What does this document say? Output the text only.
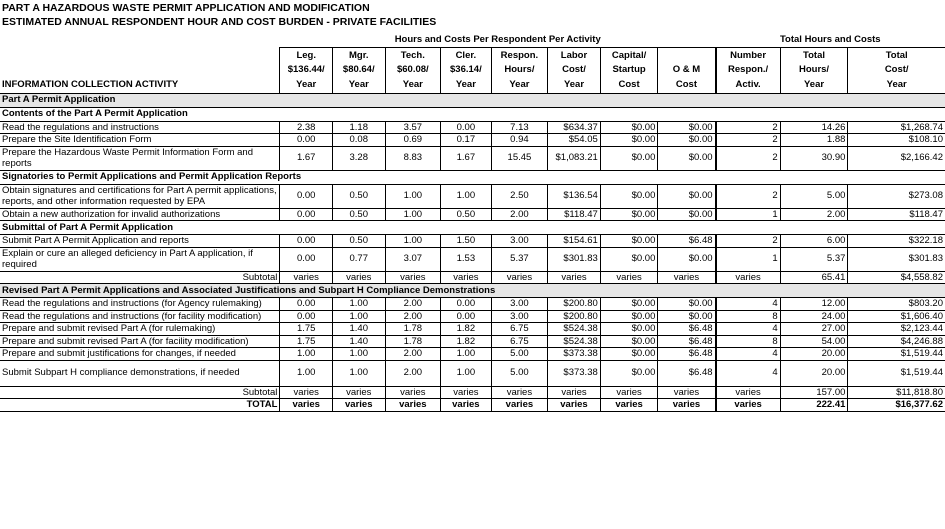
PART A HAZARDOUS WASTE PERMIT APPLICATION AND MODIFICATION
ESTIMATED ANNUAL RESPONDENT HOUR AND COST BURDEN - PRIVATE FACILITIES
	Hours and Costs Per Respondent Per Activity								Total Hours and Costs		
	Leg.	Mgr.	Tech.	Cler.	Respon.	Labor	Capital/		Number	Total	Total
	$136.44/	$80.64/	$60.08/	$36.14/	Hours/	Cost/	Startup	O & M	Respon./	Hours/	Cost/
INFORMATION COLLECTION ACTIVITY	Year	Year	Year	Year	Year	Year	Cost	Cost	Activ.	Year	Year
Part A Permit Application											
Contents of the Part A Permit Application											
Read the regulations and instructions	2.38	1.18	3.57	0.00	7.13	$634.37	$0.00	$0.00	2	14.26	$1,268.74
Prepare the Site Identification Form	0.00	0.08	0.69	0.17	0.94	$54.05	$0.00	$0.00	2	1.88	$108.10
Prepare the Hazardous Waste Permit Information Form and reports	1.67	3.28	8.83	1.67	15.45	$1,083.21	$0.00	$0.00	2	30.90	$2,166.42
Signatories to Permit Applications and Permit Application Reports											
Obtain signatures and certifications for Part A permit applications, reports, and other information requested by EPA	0.00	0.50	1.00	1.00	2.50	$136.54	$0.00	$0.00	2	5.00	$273.08
Obtain a new authorization for invalid authorizations	0.00	0.50	1.00	0.50	2.00	$118.47	$0.00	$0.00	1	2.00	$118.47
Submittal of Part A Permit Application											
Submit Part A Permit Application and reports	0.00	0.50	1.00	1.50	3.00	$154.61	$0.00	$6.48	2	6.00	$322.18
Explain or cure an alleged deficiency in Part A application, if required	0.00	0.77	3.07	1.53	5.37	$301.83	$0.00	$0.00	1	5.37	$301.83
Subtotal	varies	varies	varies	varies	varies	varies	varies	varies	varies	65.41	$4,558.82
Revised Part A Permit Applications and Associated Justifications and Subpart H Compliance Demonstrations											
Read the regulations and instructions (for Agency rulemaking)	0.00	1.00	2.00	0.00	3.00	$200.80	$0.00	$0.00	4	12.00	$803.20
Read the regulations and instructions (for facility modification)	0.00	1.00	2.00	0.00	3.00	$200.80	$0.00	$0.00	8	24.00	$1,606.40
Prepare and submit revised Part A (for rulemaking)	1.75	1.40	1.78	1.82	6.75	$524.38	$0.00	$6.48	4	27.00	$2,123.44
Prepare and submit revised Part A (for facility modification)	1.75	1.40	1.78	1.82	6.75	$524.38	$0.00	$6.48	8	54.00	$4,246.88
Prepare and submit justifications for changes, if needed	1.00	1.00	2.00	1.00	5.00	$373.38	$0.00	$6.48	4	20.00	$1,519.44
Submit Subpart H compliance demonstrations, if needed	1.00	1.00	2.00	1.00	5.00	$373.38	$0.00	$6.48	4	20.00	$1,519.44
Subtotal	varies	varies	varies	varies	varies	varies	varies	varies	varies	157.00	$11,818.80
TOTAL	varies	varies	varies	varies	varies	varies	varies	varies	varies	222.41	$16,377.62
